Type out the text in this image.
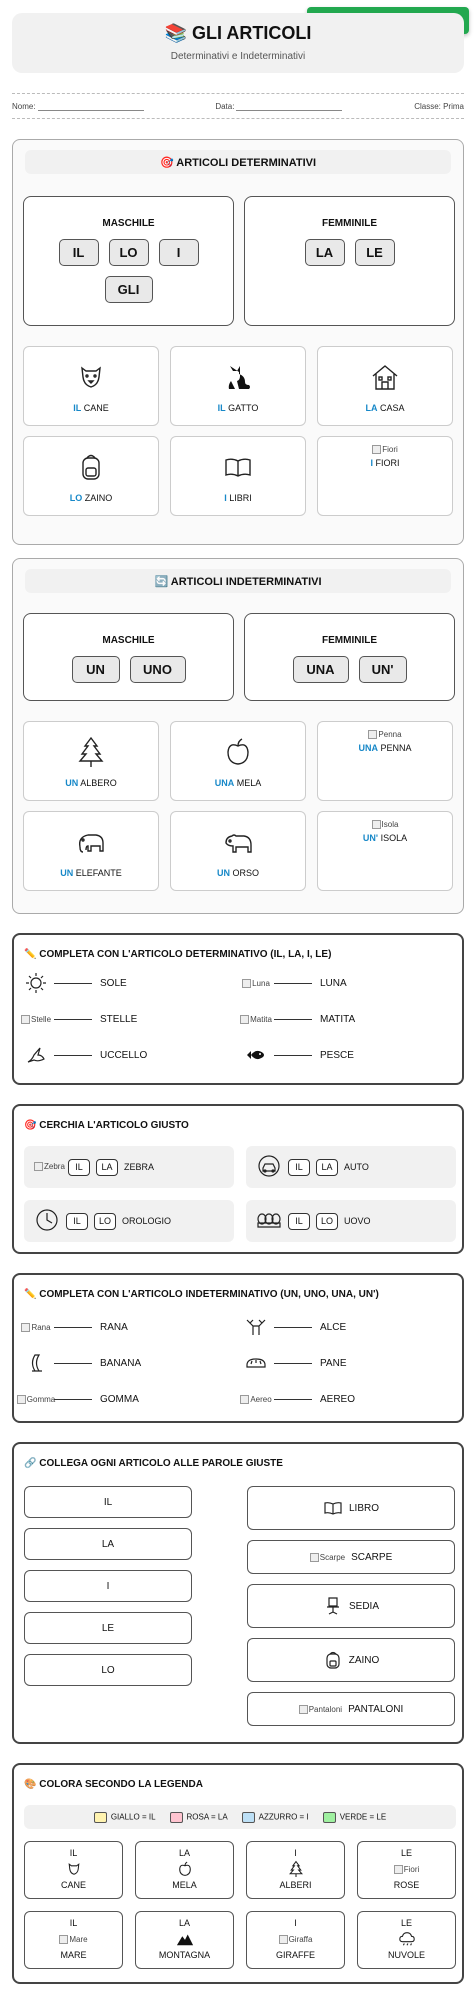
📚 GLI ARTICOLI
Determinativi e Indeterminativi
Nome:	Data:	Classe: Prima
🎯 ARTICOLI DETERMINATIVI
MASCHILE
IL	LO	I
GLI
FEMMINILE
LA	LE
IL CANE	IL GATTO	LA CASA
LO ZAINO	I LIBRI
Fiori
I FIORI
🔄 ARTICOLI INDETERMINATIVI
MASCHILE
UN	UNO
FEMMINILE
UNA	UN'
UN ALBERO	UNA MELA
Penna
UNA PENNA
UN ELEFANTE	UN ORSO
Isola
UN' ISOLA
✏️ COMPLETA CON L'ARTICOLO DETERMINATIVO (IL, LA, I, LE)
SOLE	Luna	LUNA
Stelle	STELLE	Matita	MATITA
UCCELLO	PESCE
🎯 CERCHIA L'ARTICOLO GIUSTO
Zebra	IL	LA	ZEBRA	IL	LA	AUTO
IL	LO	OROLOGIO	IL	LO	UOVO
✏️ COMPLETA CON L'ARTICOLO INDETERMINATIVO (UN, UNO, UNA, UN')
Rana	RANA	ALCE
BANANA	PANE
Gomma	GOMMA	Aereo	AEREO
🔗 COLLEGA OGNI ARTICOLO ALLE PAROLE GIUSTE
IL
LA
I
LE
LO
LIBRO
Scarpe SCARPE
SEDIA
ZAINO
Pantaloni PANTALONI
🎨 COLORA SECONDO LA LEGENDA
GIALLO = IL	ROSA = LA	AZZURRO = I	VERDE = LE
IL
CANE
LA
MELA
I
ALBERI
LE
Fiori
ROSE
IL
Mare
MARE
LA
MONTAGNA
I
Giraffa
GIRAFFE
LE
NUVOLE
